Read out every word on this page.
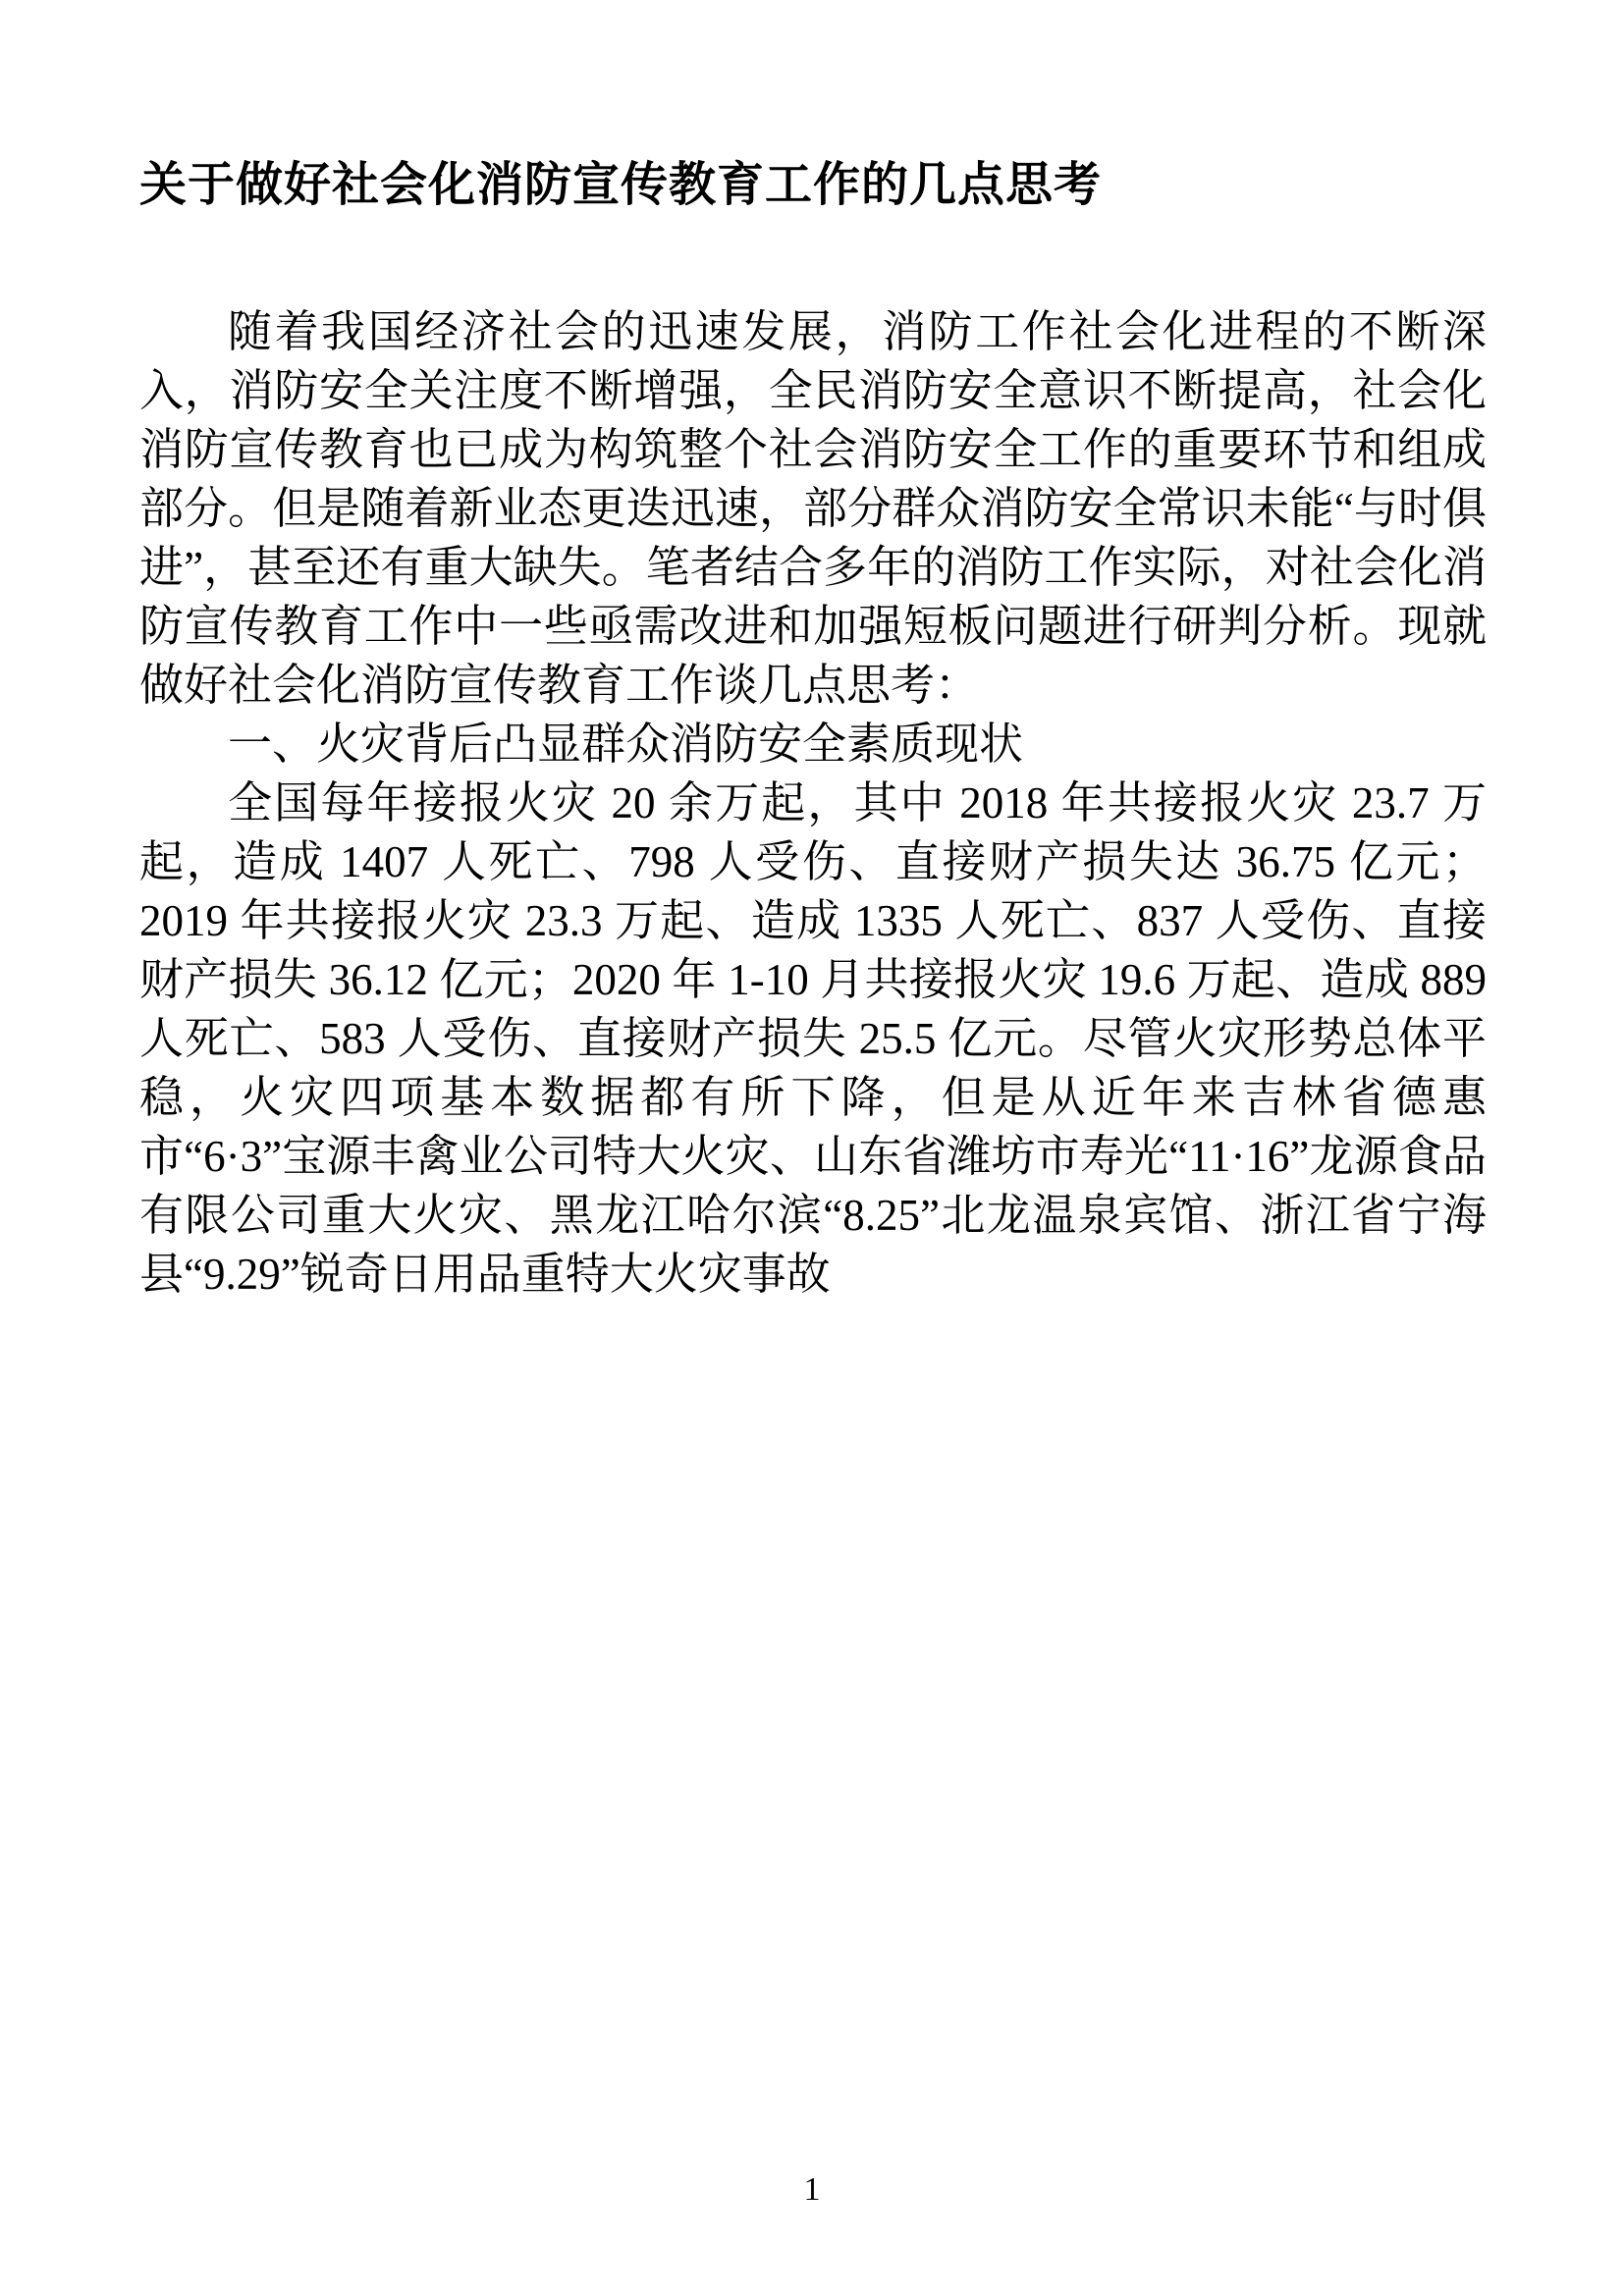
关于做好社会化消防宣传教育工作的几点思考

随着我国经济社会的迅速发展，消防工作社会化进程的不断深入，消防安全关注度不断增强，全民消防安全意识不断提高，社会化消防宣传教育也已成为构筑整个社会消防安全工作的重要环节和组成部分。但是随着新业态更迭迅速，部分群众消防安全常识未能“与时俱进”，甚至还有重大缺失。笔者结合多年的消防工作实际，对社会化消防宣传教育工作中一些亟需改进和加强短板问题进行研判分析。现就做好社会化消防宣传教育工作谈几点思考：

一、火灾背后凸显群众消防安全素质现状

全国每年接报火灾 20 余万起，其中 2018 年共接报火灾 23.7 万起，造成 1407 人死亡、798 人受伤、直接财产损失达 36.75 亿元；2019 年共接报火灾 23.3 万起、造成 1335 人死亡、837 人受伤、直接财产损失 36.12 亿元；2020 年 1-10 月共接报火灾 19.6 万起、造成 889 人死亡、583 人受伤、直接财产损失 25.5 亿元。尽管火灾形势总体平稳，火灾四项基本数据都有所下降，但是从近年来吉林省德惠市“6·3”宝源丰禽业公司特大火灾、山东省潍坊市寿光“11·16”龙源食品有限公司重大火灾、黑龙江哈尔滨“8.25”北龙温泉宾馆、浙江省宁海县“9.29”锐奇日用品重特大火灾事故

1
